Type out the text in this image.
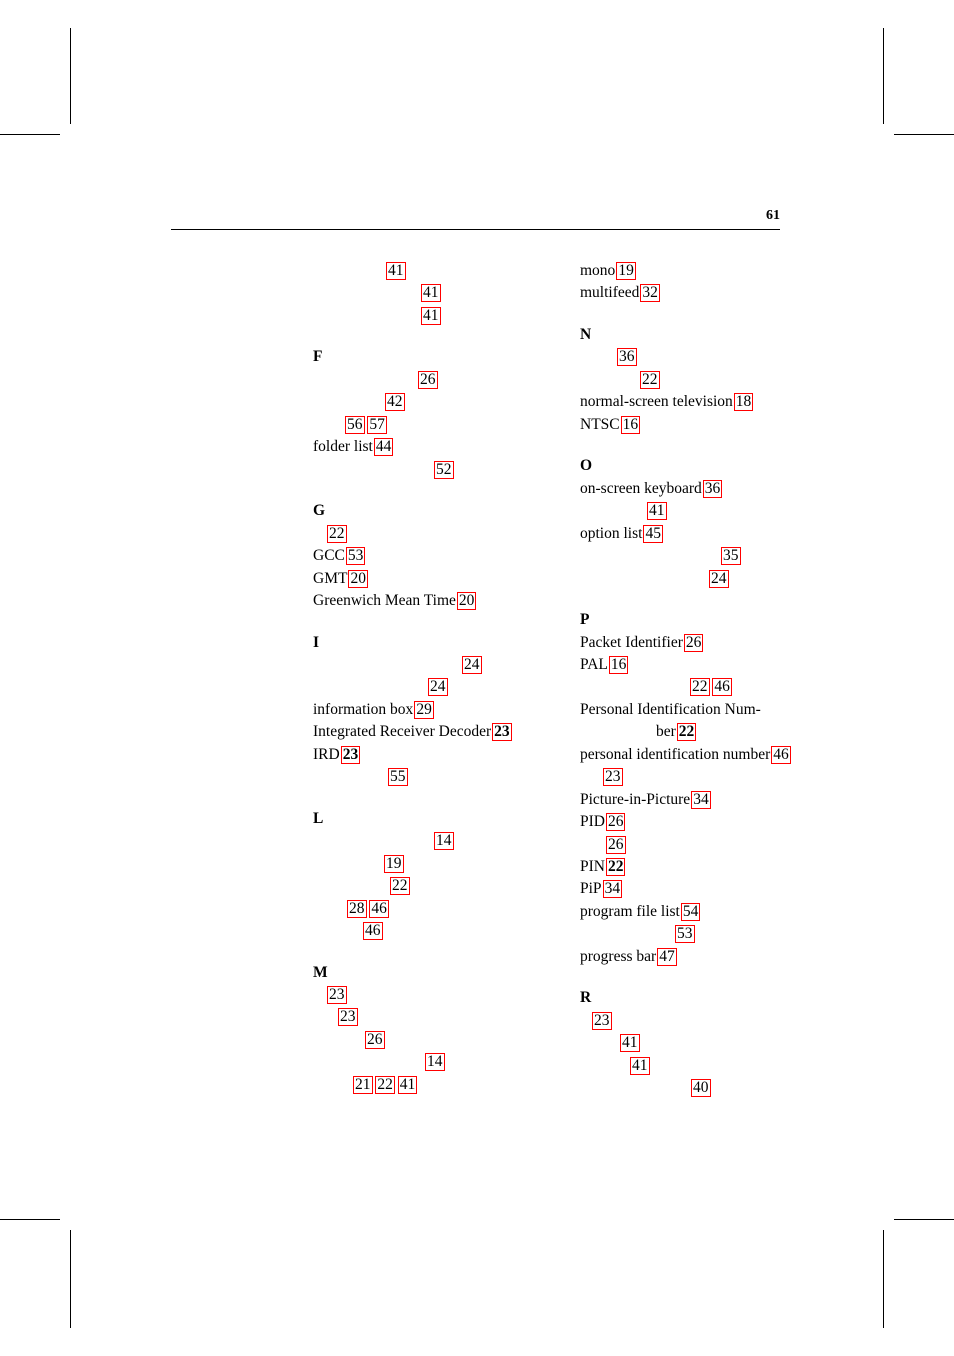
61
41
41
41
F
26
42
56 ,57
folder list 44
52
G
22
GCC 53
GMT 20
Greenwich Mean Time 20
I
24
24
information box 29
Integrated Receiver Decoder 23
IRD 23
55
L
14
19
22
28 ,46
46
M
23
23
26
14
21 ,22 ,41
mono 19
multifeed 32
N
36
22
normal-screen television 18
NTSC 16
O
on-screen keyboard 36
41
option list 45
35
24
P
Packet Identifier 26
PAL 16
22 ,46
Personal Identification Num-
ber 22
personal identification number 46
23
Picture-in-Picture 34
PID 26
26
PIN 22
PiP 34
program file list 54
53
progress bar 47
R
23
41
41
40
